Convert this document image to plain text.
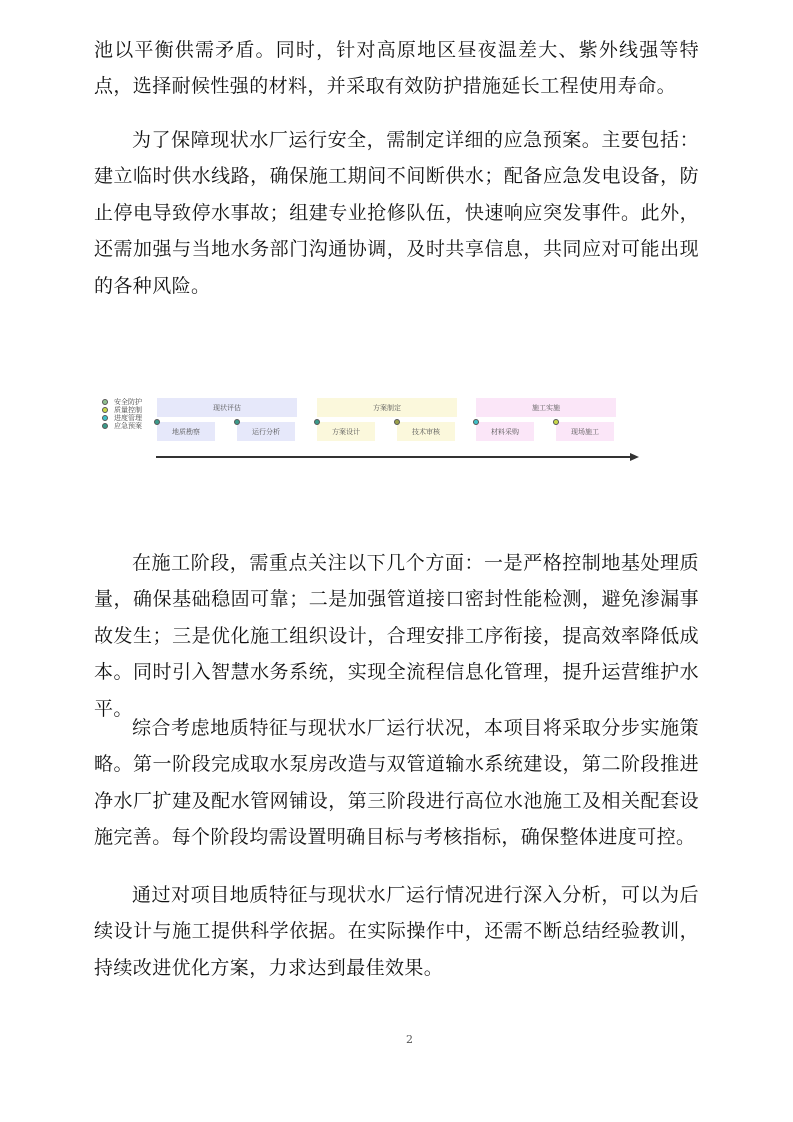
池以平衡供需矛盾。同时，针对高原地区昼夜温差大、紫外线强等特点，选择耐候性强的材料，并采取有效防护措施延长工程使用寿命。

为了保障现状水厂运行安全，需制定详细的应急预案。主要包括：建立临时供水线路，确保施工期间不间断供水；配备应急发电设备，防止停电导致停水事故；组建专业抢修队伍，快速响应突发事件。此外，还需加强与当地水务部门沟通协调，及时共享信息，共同应对可能出现的各种风险。

安全防护
质量控制
进度管理
应急预案
现状评估
地质勘察	运行分析
方案制定
方案设计	技术审核
施工实施
材料采购	现场施工

在施工阶段，需重点关注以下几个方面：一是严格控制地基处理质量，确保基础稳固可靠；二是加强管道接口密封性能检测，避免渗漏事故发生；三是优化施工组织设计，合理安排工序衔接，提高效率降低成本。同时引入智慧水务系统，实现全流程信息化管理，提升运营维护水平。

综合考虑地质特征与现状水厂运行状况，本项目将采取分步实施策略。第一阶段完成取水泵房改造与双管道输水系统建设，第二阶段推进净水厂扩建及配水管网铺设，第三阶段进行高位水池施工及相关配套设施完善。每个阶段均需设置明确目标与考核指标，确保整体进度可控。

通过对项目地质特征与现状水厂运行情况进行深入分析，可以为后续设计与施工提供科学依据。在实际操作中，还需不断总结经验教训，持续改进优化方案，力求达到最佳效果。

2
